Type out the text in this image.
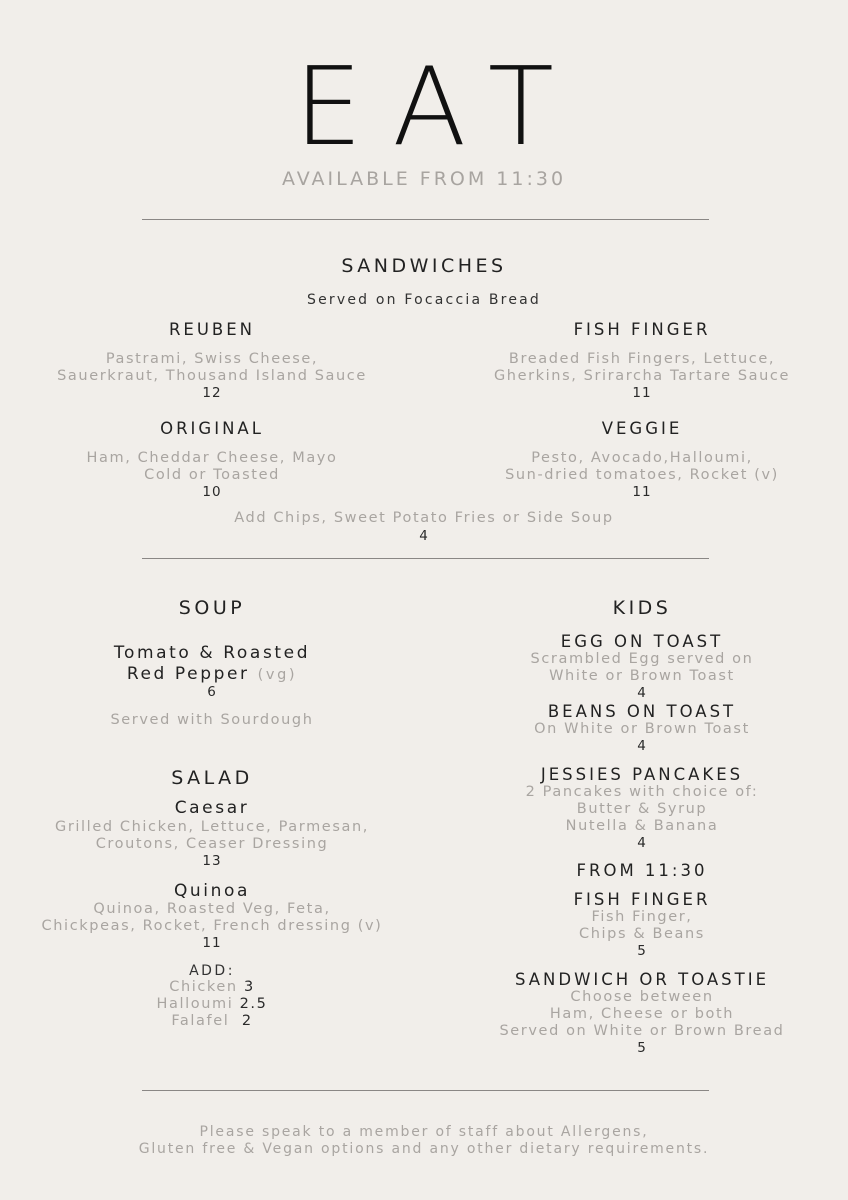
EAT
AVAILABLE FROM 11:30
SANDWICHES
Served on Focaccia Bread
REUBEN
Pastrami, Swiss Cheese,
Sauerkraut, Thousand Island Sauce
12
FISH FINGER
Breaded Fish Fingers, Lettuce,
Gherkins, Srirarcha Tartare Sauce
11
ORIGINAL
Ham, Cheddar Cheese, Mayo
Cold or Toasted
10
VEGGIE
Pesto, Avocado,Halloumi,
Sun-dried tomatoes, Rocket (v)
11
Add Chips, Sweet Potato Fries or Side Soup
4
SOUP
Tomato & Roasted
Red Pepper (vg)
6
Served with Sourdough
SALAD
Caesar
Grilled Chicken, Lettuce, Parmesan,
Croutons, Ceaser Dressing
13
Quinoa
Quinoa, Roasted Veg, Feta,
Chickpeas, Rocket, French dressing (v)
11
ADD:
Chicken 3
Halloumi 2.5
Falafel 2
KIDS
EGG ON TOAST
Scrambled Egg served on
White or Brown Toast
4
BEANS ON TOAST
On White or Brown Toast
4
JESSIES PANCAKES
2 Pancakes with choice of:
Butter & Syrup
Nutella & Banana
4
FROM 11:30
FISH FINGER
Fish Finger,
Chips & Beans
5
SANDWICH OR TOASTIE
Choose between
Ham, Cheese or both
Served on White or Brown Bread
5
Please speak to a member of staff about Allergens,
Gluten free & Vegan options and any other dietary requirements.
